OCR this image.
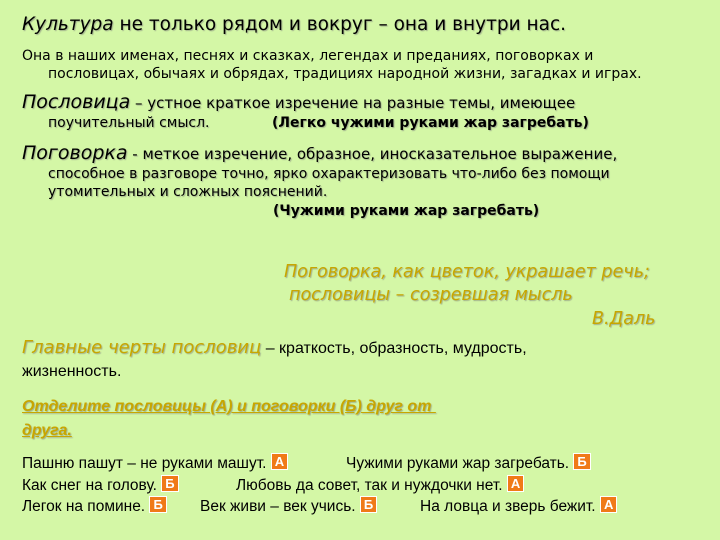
Культура не только рядом и вокруг – она и внутри нас.
Она в наших именах, песнях и сказках, легендах и преданиях, поговорках и
пословицах, обычаях и обрядах, традициях народной жизни, загадках и играх.
Пословица – устное краткое изречение на разные темы, имеющее
поучительный смысл.	(Легко чужими руками жар загребать)
Поговорка - меткое изречение, образное, иносказательное выражение,
способное в разговоре точно, ярко охарактеризовать что-либо без помощи
утомительных и сложных пояснений.
(Чужими руками жар загребать)
Поговорка, как цветок, украшает речь;
пословицы – созревшая мысль
В.Даль
Главные черты пословиц – краткость, образность, мудрость,
жизненность.
Отделите пословицы (А) и поговорки (Б) друг от
друга.
Пашню пашут – не руками машут. А	Чужими руками жар загребать. Б
Как снег на голову. Б	Любовь да совет, так и нуждочки нет. А
Легок на помине. Б Век живи – век учись. Б	На ловца и зверь бежит. А
